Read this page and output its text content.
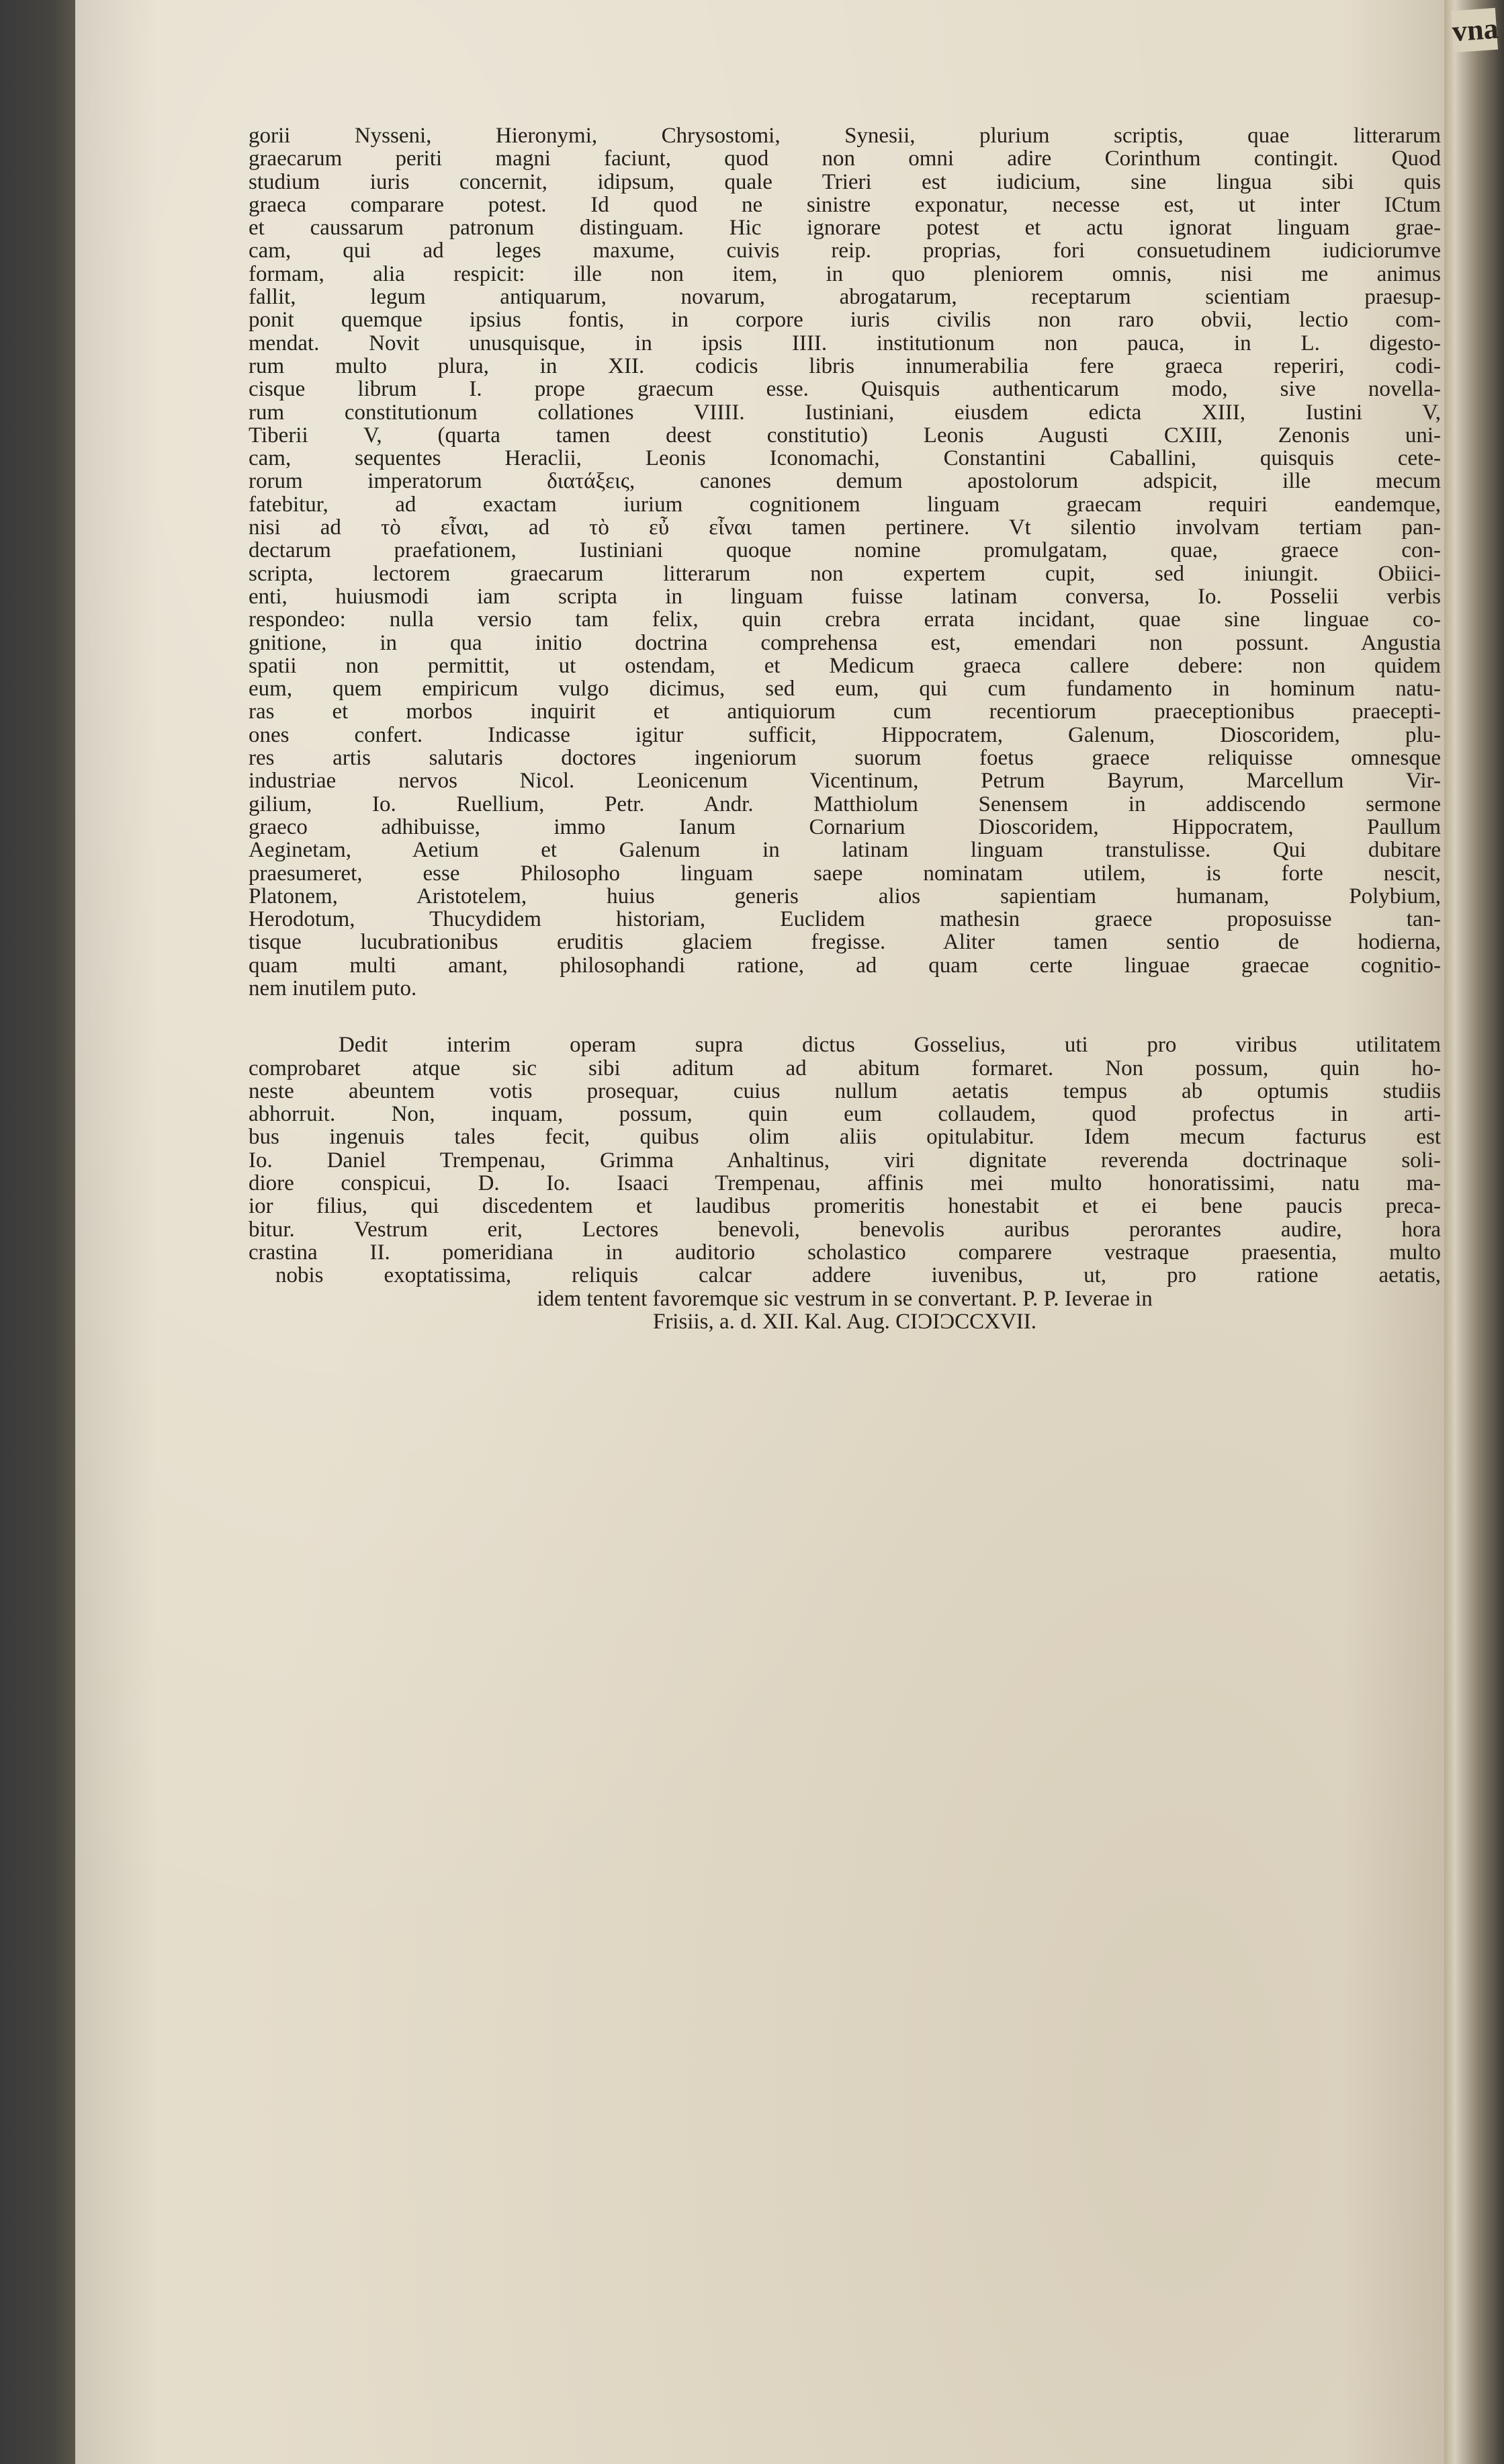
gorii Nysseni, Hieronymi, Chrysostomi, Synesii, plurium scriptis, quae litterarum
graecarum periti magni faciunt, quod non omni adire Corinthum contingit. Quod
studium iuris concernit, idipsum, quale Trieri est iudicium, sine lingua sibi quis
graeca comparare potest. Id quod ne sinistre exponatur, necesse est, ut inter ICtum
et caussarum patronum distinguam. Hic ignorare potest et actu ignorat linguam grae-
cam, qui ad leges maxume, cuivis reip. proprias, fori consuetudinem iudiciorumve
formam, alia respicit: ille non item, in quo pleniorem omnis, nisi me animus
fallit, legum antiquarum, novarum, abrogatarum, receptarum scientiam praesup-
ponit quemque ipsius fontis, in corpore iuris civilis non raro obvii, lectio com-
mendat. Novit unusquisque, in ipsis IIII. institutionum non pauca, in L. digesto-
rum multo plura, in XII. codicis libris innumerabilia fere graeca reperiri, codi-
cisque librum I. prope graecum esse. Quisquis authenticarum modo, sive novella-
rum constitutionum collationes VIIII. Iustiniani, eiusdem edicta XIII, Iustini V,
Tiberii V, (quarta tamen deest constitutio) Leonis Augusti CXIII, Zenonis uni-
cam, sequentes Heraclii, Leonis Iconomachi, Constantini Caballini, quisquis cete-
rorum imperatorum διατάξεις, canones demum apostolorum adspicit, ille mecum
fatebitur, ad exactam iurium cognitionem linguam graecam requiri eandemque,
nisi ad τὸ εἶναι, ad τὸ εὖ εἶναι tamen pertinere. Vt silentio involvam tertiam pan-
dectarum praefationem, Iustiniani quoque nomine promulgatam, quae, graece con-
scripta, lectorem graecarum litterarum non expertem cupit, sed iniungit. Obiici-
enti, huiusmodi iam scripta in linguam fuisse latinam conversa, Io. Posselii verbis
respondeo: nulla versio tam felix, quin crebra errata incidant, quae sine linguae co-
gnitione, in qua initio doctrina comprehensa est, emendari non possunt. Angustia
spatii non permittit, ut ostendam, et Medicum graeca callere debere: non quidem
eum, quem empiricum vulgo dicimus, sed eum, qui cum fundamento in hominum natu-
ras et morbos inquirit et antiquiorum cum recentiorum praeceptionibus praecepti-
ones confert. Indicasse igitur sufficit, Hippocratem, Galenum, Dioscoridem, plu-
res artis salutaris doctores ingeniorum suorum foetus graece reliquisse omnesque
industriae nervos Nicol. Leonicenum Vicentinum, Petrum Bayrum, Marcellum Vir-
gilium, Io. Ruellium, Petr. Andr. Matthiolum Senensem in addiscendo sermone
graeco adhibuisse, immo Ianum Cornarium Dioscoridem, Hippocratem, Paullum
Aeginetam, Aetium et Galenum in latinam linguam transtulisse. Qui dubitare
praesumeret, esse Philosopho linguam saepe nominatam utilem, is forte nescit,
Platonem, Aristotelem, huius generis alios sapientiam humanam, Polybium,
Herodotum, Thucydidem historiam, Euclidem mathesin graece proposuisse tan-
tisque lucubrationibus eruditis glaciem fregisse. Aliter tamen sentio de hodierna,
quam multi amant, philosophandi ratione, ad quam certe linguae graecae cognitio-
nem inutilem puto.
Dedit interim operam supra dictus Gosselius, uti pro viribus utilitatem
comprobaret atque sic sibi aditum ad abitum formaret. Non possum, quin ho-
neste abeuntem votis prosequar, cuius nullum aetatis tempus ab optumis studiis
abhorruit. Non, inquam, possum, quin eum collaudem, quod profectus in arti-
bus ingenuis tales fecit, quibus olim aliis opitulabitur. Idem mecum facturus est
Io. Daniel Trempenau, Grimma Anhaltinus, viri dignitate reverenda doctrinaque soli-
diore conspicui, D. Io. Isaaci Trempenau, affinis mei multo honoratissimi, natu ma-
ior filius, qui discedentem et laudibus promeritis honestabit et ei bene paucis preca-
bitur. Vestrum erit, Lectores benevoli, benevolis auribus perorantes audire, hora
crastina II. pomeridiana in auditorio scholastico comparere vestraque praesentia, multo
nobis exoptatissima, reliquis calcar addere iuvenibus, ut, pro ratione aetatis,
idem tentent favoremque sic vestrum in se convertant. P. P. Ieverae in
Frisiis, a. d. XII. Kal. Aug. CIƆIƆCCXVII.
vna
